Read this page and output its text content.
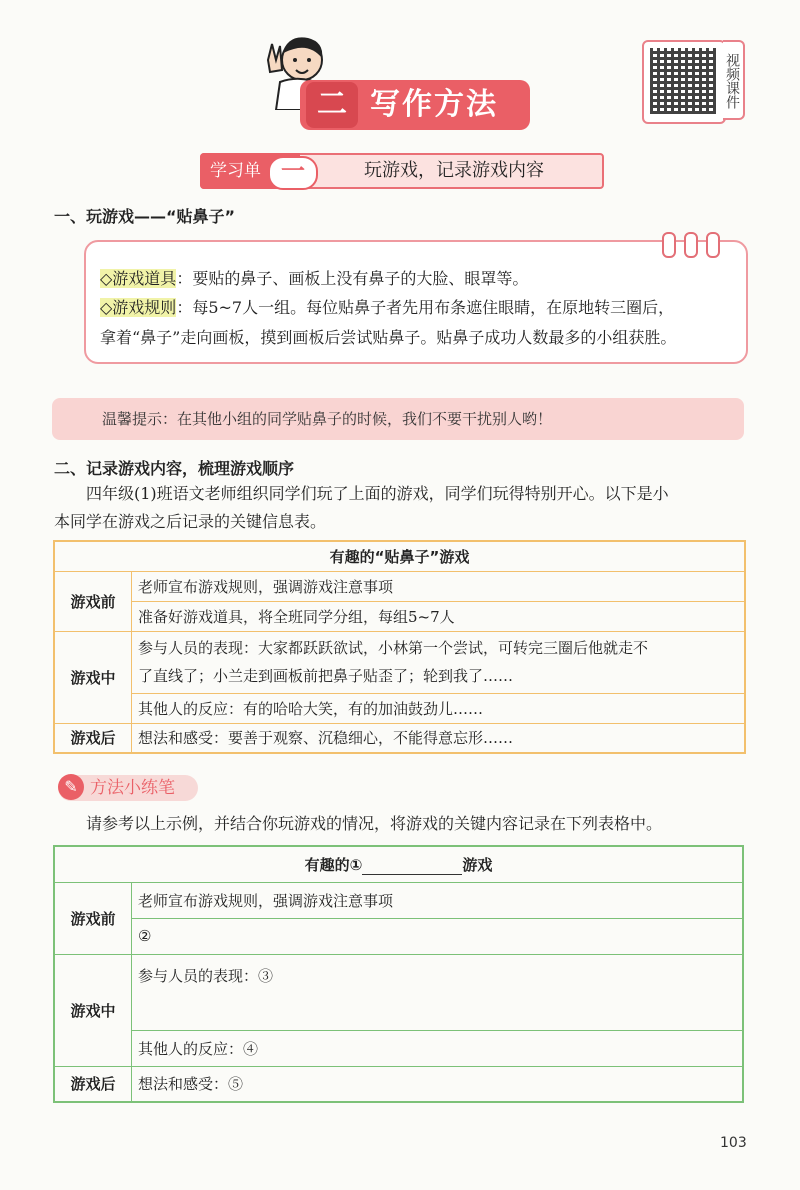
二 写作方法	视频课件
学习单 一	玩游戏，记录游戏内容
一、玩游戏——“贴鼻子”
◇游戏道具：要贴的鼻子、画板上没有鼻子的大脸、眼罩等。
◇游戏规则：每5~7人一组。每位贴鼻子者先用布条遮住眼睛，在原地转三圈后，
拿着“鼻子”走向画板，摸到画板后尝试贴鼻子。贴鼻子成功人数最多的小组获胜。
温馨提示：在其他小组的同学贴鼻子的时候，我们不要干扰别人哟！
二、记录游戏内容，梳理游戏顺序
四年级(1)班语文老师组织同学们玩了上面的游戏，同学们玩得特别开心。以下是小
本同学在游戏之后记录的关键信息表。
有趣的“贴鼻子”游戏	
游戏前	老师宣布游戏规则，强调游戏注意事项
	准备好游戏道具，将全班同学分组，每组5~7人
游戏中	参与人员的表现：大家都跃跃欲试，小林第一个尝试，可转完三圈后他就走不
了直线了；小兰走到画板前把鼻子贴歪了；轮到我了……
	其他人的反应：有的哈哈大笑，有的加油鼓劲儿……
游戏后	想法和感受：要善于观察、沉稳细心，不能得意忘形……
✎ 方法小练笔
请参考以上示例，并结合你玩游戏的情况，将游戏的关键内容记录在下列表格中。
有趣的① 游戏	
游戏前	老师宣布游戏规则，强调游戏注意事项
	②
游戏中	参与人员的表现：③
	其他人的反应：④
游戏后	想法和感受：⑤
103
